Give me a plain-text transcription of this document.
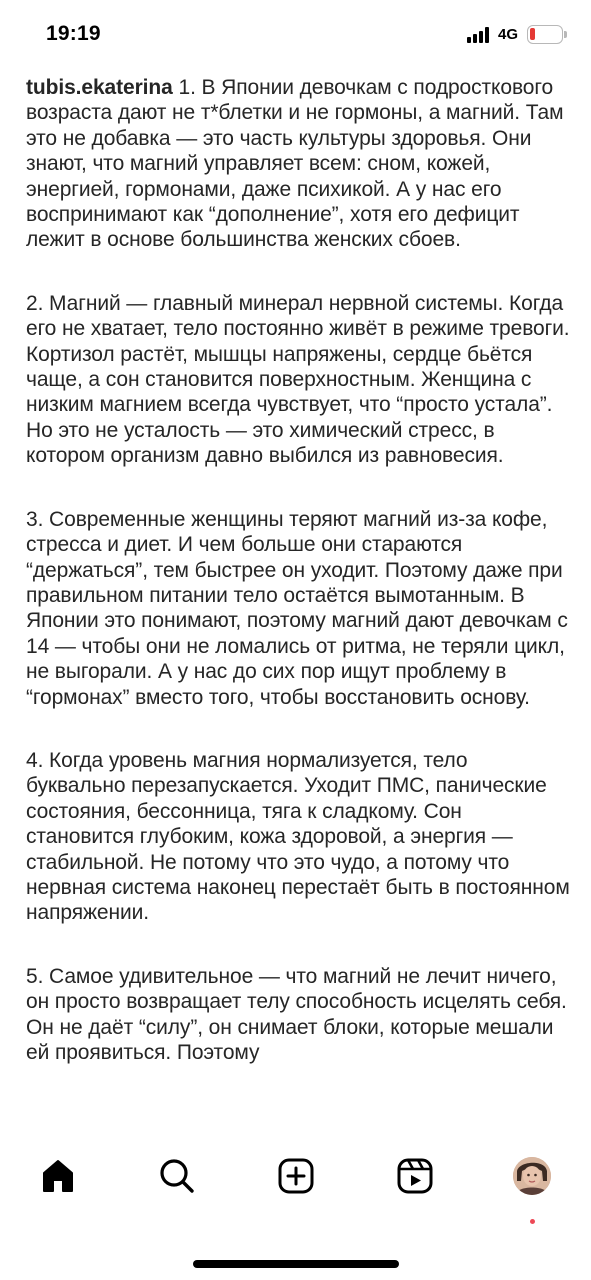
19:19	4G

tubis.ekaterina 1. В Японии девочкам с подросткового возраста дают не т*блетки и не гормоны, а магний. Там это не добавка — это часть культуры здоровья. Они знают, что магний управляет всем: сном, кожей, энергией, гормонами, даже психикой. А у нас его воспринимают как “дополнение”, хотя его дефицит лежит в основе большинства женских сбоев.

2. Магний — главный минерал нервной системы. Когда его не хватает, тело постоянно живёт в режиме тревоги. Кортизол растёт, мышцы напряжены, сердце бьётся чаще, а сон становится поверхностным. Женщина с низким магнием всегда чувствует, что “просто устала”. Но это не усталость — это химический стресс, в котором организм давно выбился из равновесия.

3. Современные женщины теряют магний из-за кофе, стресса и диет. И чем больше они стараются “держаться”, тем быстрее он уходит. Поэтому даже при правильном питании тело остаётся вымотанным. В Японии это понимают, поэтому магний дают девочкам с 14 — чтобы они не ломались от ритма, не теряли цикл, не выгорали. А у нас до сих пор ищут проблему в “гормонах” вместо того, чтобы восстановить основу.

4. Когда уровень магния нормализуется, тело буквально перезапускается. Уходит ПМС, панические состояния, бессонница, тяга к сладкому. Сон становится глубоким, кожа здоровой, а энергия — стабильной. Не потому что это чудо, а потому что нервная система наконец перестаёт быть в постоянном напряжении.

5. Самое удивительное — что магний не лечит ничего, он просто возвращает телу способность исцелять себя. Он не даёт “силу”, он снимает блоки, которые мешали ей проявиться. Поэтому
